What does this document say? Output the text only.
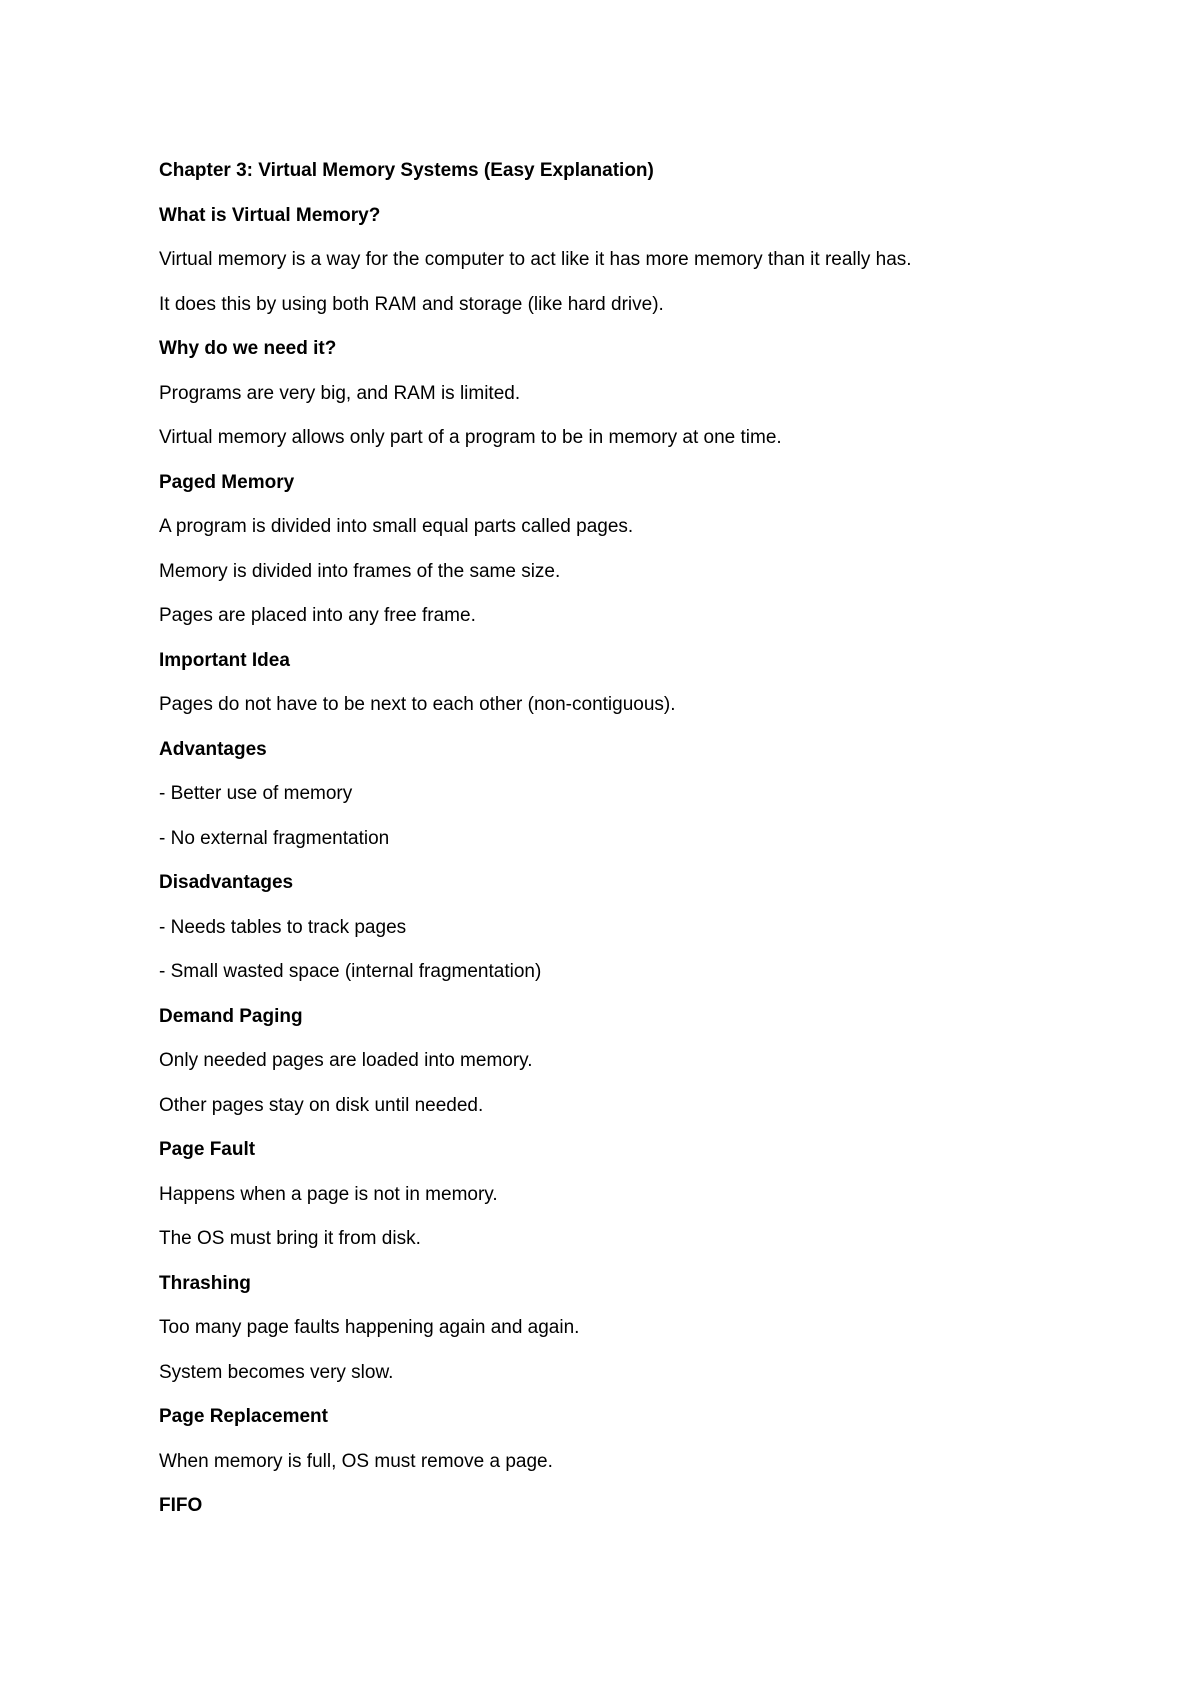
Chapter 3: Virtual Memory Systems (Easy Explanation)
What is Virtual Memory?
Virtual memory is a way for the computer to act like it has more memory than it really has.
It does this by using both RAM and storage (like hard drive).
Why do we need it?
Programs are very big, and RAM is limited.
Virtual memory allows only part of a program to be in memory at one time.
Paged Memory
A program is divided into small equal parts called pages.
Memory is divided into frames of the same size.
Pages are placed into any free frame.
Important Idea
Pages do not have to be next to each other (non-contiguous).
Advantages
- Better use of memory
- No external fragmentation
Disadvantages
- Needs tables to track pages
- Small wasted space (internal fragmentation)
Demand Paging
Only needed pages are loaded into memory.
Other pages stay on disk until needed.
Page Fault
Happens when a page is not in memory.
The OS must bring it from disk.
Thrashing
Too many page faults happening again and again.
System becomes very slow.
Page Replacement
When memory is full, OS must remove a page.
FIFO
